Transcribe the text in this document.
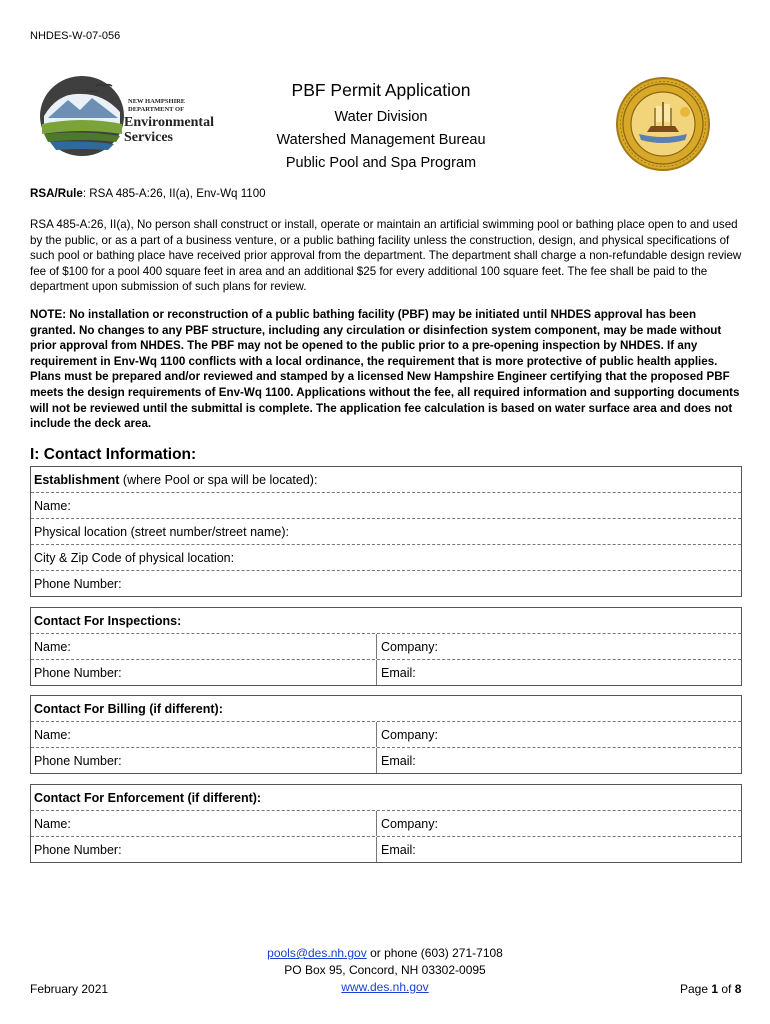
NHDES-W-07-056
NEW HAMPSHIRE
DEPARTMENT OF
Environmental
Services
PBF Permit Application
Water Division
Watershed Management Bureau
Public Pool and Spa Program
RSA/Rule: RSA 485-A:26, II(a), Env-Wq 1100
RSA 485-A:26, II(a), No person shall construct or install, operate or maintain an artificial swimming pool or bathing place open to and used by the public, or as a part of a business venture, or a public bathing facility unless the construction, design, and physical specifications of such pool or bathing place have received prior approval from the department. The department shall charge a non-refundable design review fee of $100 for a pool 400 square feet in area and an additional $25 for every additional 100 square feet. The fee shall be paid to the department upon submission of such plans for review.
NOTE: No installation or reconstruction of a public bathing facility (PBF) may be initiated until NHDES approval has been granted. No changes to any PBF structure, including any circulation or disinfection system component, may be made without prior approval from NHDES. The PBF may not be opened to the public prior to a pre-opening inspection by NHDES. If any requirement in Env-Wq 1100 conflicts with a local ordinance, the requirement that is more protective of public health applies. Plans must be prepared and/or reviewed and stamped by a licensed New Hampshire Engineer certifying that the proposed PBF meets the design requirements of Env-Wq 1100. Applications without the fee, all required information and supporting documents will not be reviewed until the submittal is complete. The application fee calculation is based on water surface area and does not include the deck area.
I: Contact Information:
Establishment (where Pool or spa will be located):
Name:
Physical location (street number/street name):
City & Zip Code of physical location:
Phone Number:
Contact For Inspections:
Name:	Company:
Phone Number:	Email:
Contact For Billing (if different):
Name:	Company:
Phone Number:	Email:
Contact For Enforcement (if different):
Name:	Company:
Phone Number:	Email:
pools@des.nh.gov or phone (603) 271-7108
PO Box 95, Concord, NH 03302-0095
www.des.nh.gov
February 2021	Page 1 of 8
